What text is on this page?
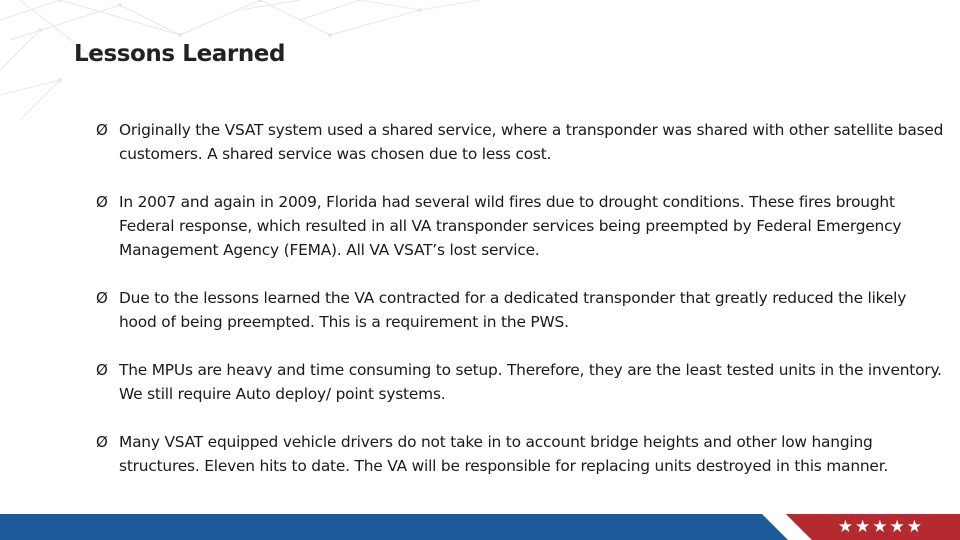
Lessons Learned
Ø Originally the VSAT system used a shared service, where a transponder was shared with other satellite based customers. A shared service was chosen due to less cost.
Ø In 2007 and again in 2009, Florida had several wild fires due to drought conditions. These fires brought Federal response, which resulted in all VA transponder services being preempted by Federal Emergency Management Agency (FEMA). All VA VSAT’s lost service.
Ø Due to the lessons learned the VA contracted for a dedicated transponder that greatly reduced the likely hood of being preempted. This is a requirement in the PWS.
Ø The MPUs are heavy and time consuming to setup. Therefore, they are the least tested units in the inventory. We still require Auto deploy/ point systems.
Ø Many VSAT equipped vehicle drivers do not take in to account bridge heights and other low hanging structures. Eleven hits to date. The VA will be responsible for replacing units destroyed in this manner.
★★★★★
